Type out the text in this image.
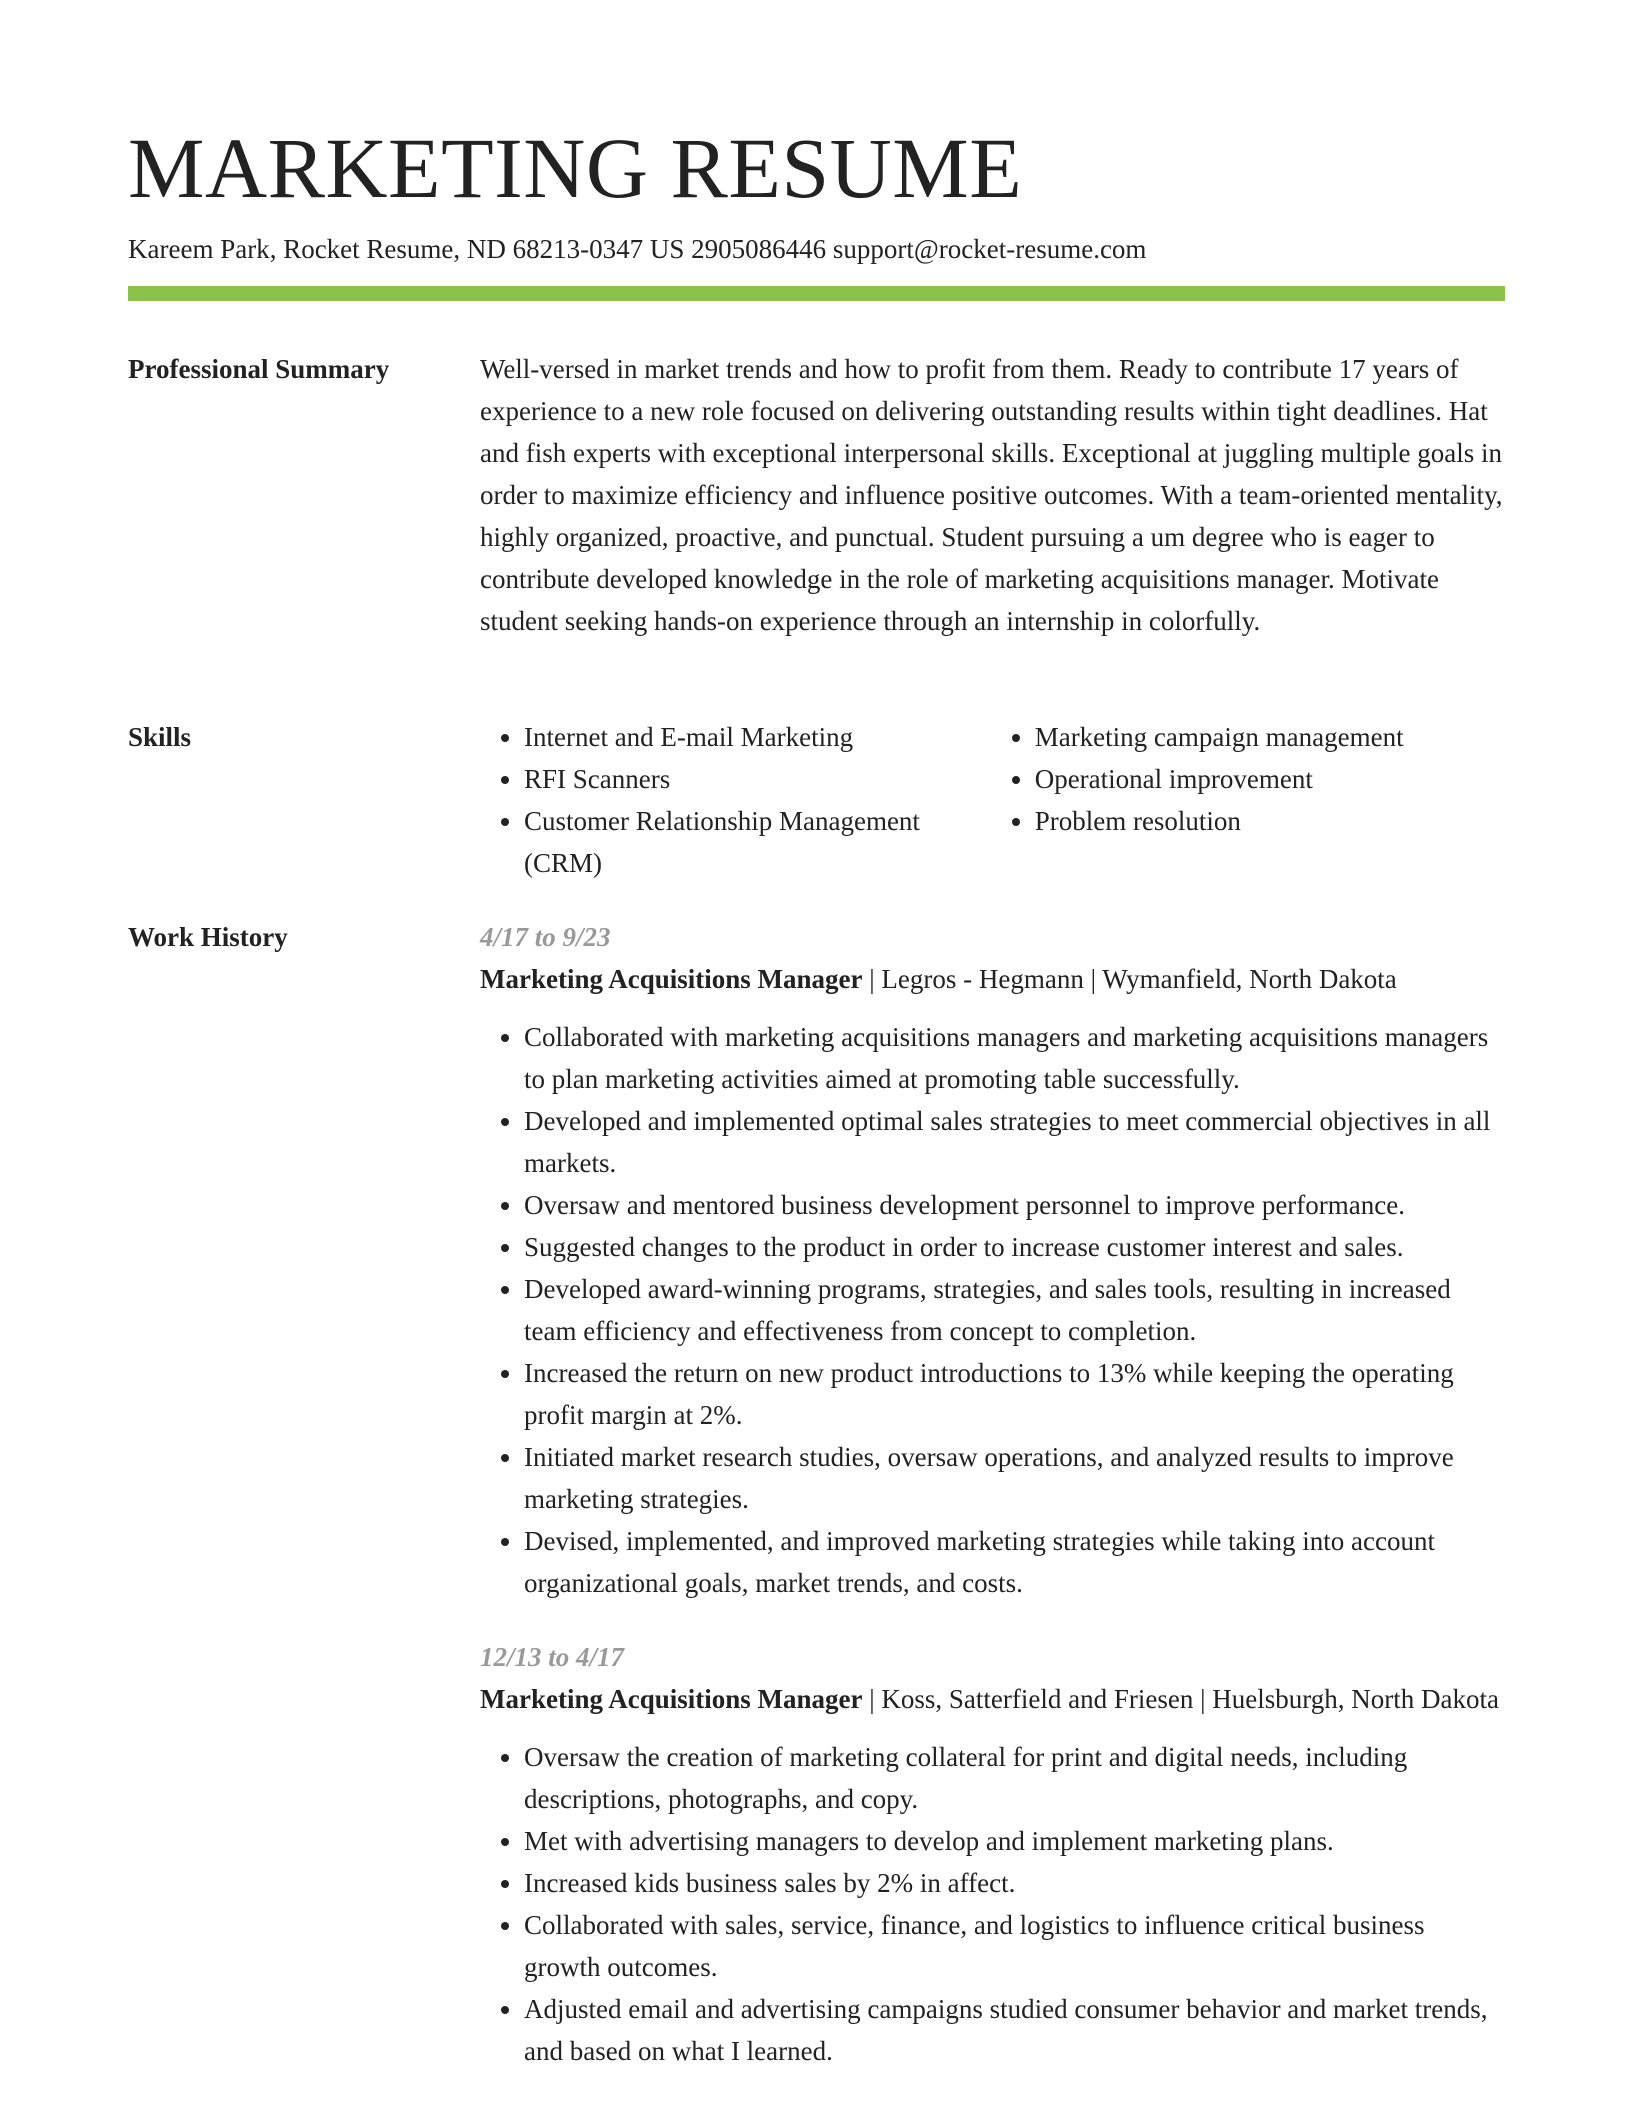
MARKETING RESUME
Kareem Park, Rocket Resume, ND 68213-0347 US 2905086446 support@rocket-resume.com
Professional Summary	Well-versed in market trends and how to profit from them. Ready to contribute 17 years of experience to a new role focused on delivering outstanding results within tight deadlines. Hat and fish experts with exceptional interpersonal skills. Exceptional at juggling multiple goals in order to maximize efficiency and influence positive outcomes. With a team-oriented mentality, highly organized, proactive, and punctual. Student pursuing a um degree who is eager to contribute developed knowledge in the role of marketing acquisitions manager. Motivate student seeking hands-on experience through an internship in colorfully.

Skills
•	Internet and E-mail Marketing
• RFI Scanners
• Customer Relationship Management (CRM)
• Marketing campaign management
• Operational improvement
• Problem resolution
Work History	4/17 to 9/23

Marketing Acquisitions Manager | Legros - Hegmann | Wymanfield, North Dakota

• Collaborated with marketing acquisitions managers and marketing acquisitions managers to plan marketing activities aimed at promoting table successfully.
• Developed and implemented optimal sales strategies to meet commercial objectives in all markets.
• Oversaw and mentored business development personnel to improve performance.
• Suggested changes to the product in order to increase customer interest and sales.
• Developed award-winning programs, strategies, and sales tools, resulting in increased team efficiency and effectiveness from concept to completion.
• Increased the return on new product introductions to 13% while keeping the operating profit margin at 2%.
• Initiated market research studies, oversaw operations, and analyzed results to improve marketing strategies.
• Devised, implemented, and improved marketing strategies while taking into account organizational goals, market trends, and costs.

12/13 to 4/17

Marketing Acquisitions Manager | Koss, Satterfield and Friesen | Huelsburgh, North Dakota

• Oversaw the creation of marketing collateral for print and digital needs, including descriptions, photographs, and copy.
• Met with advertising managers to develop and implement marketing plans.
• Increased kids business sales by 2% in affect.
• Collaborated with sales, service, finance, and logistics to influence critical business growth outcomes.
• Adjusted email and advertising campaigns studied consumer behavior and market trends, and based on what I learned.
